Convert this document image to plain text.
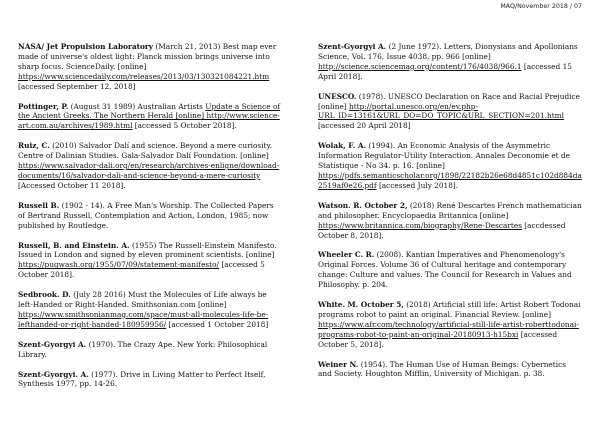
MAQ/November 2018 / 07

NASA/ Jet Propulsion Laboratory (March 21, 2013) Best map ever made of universe's oldest light: Planck mission brings universe into sharp focus. ScienceDaily. [online] https://www.sciencedaily.com/releases/2013/03/130321084221.htm [accessed September 12, 2018]

Pottinger, P. (August 31 1989) Australian Artists Update a Science of the Ancient Greeks. The Northern Herald [online] http://www.science-art.com.au/archives/1989.html [accessed 5 October 2018].

Ruiz, C. (2010) Salvador Dalí and science. Beyond a mere curiosity. Centre of Dalinian Studies. Gala-Salvador Dalí Foundation. [online] https://www.salvador-dali.org/en/research/archives-enligne/download-documents/16/salvador-dali-and-science-beyond-a-mere-curiosity [Accessed October 11 2018].

Russell B. (1902 - 14). A Free Man's Worship. The Collected Papers of Bertrand Russell, Contemplation and Action, London, 1985; now published by Routledge.

Russell, B. and Einstein. A. (1955) The Russell-Einstein Manifesto. Issued in London and signed by eleven prominent scientists. [online] https://pugwash.org/1955/07/09/statement-manifesto/ [accessed 5 October 2018].

Sedbrook. D. (July 28 2016) Must the Molecules of Life always be left-Handed or Right-Handed. Smithsonian.com [online] https://www.smithsonianmag.com/space/must-all-molecules-life-be-lefthanded-or-right-handed-180959956/ [accessed 1 October 2018]

Szent-Gyorgyi A. (1970). The Crazy Ape. New York: Philosophical Library.

Szent-Gyorgyi. A. (1977). Drive in Living Matter to Perfect Itself, Synthesis 1977, pp. 14-26.

Szent-Gyorgyi A. (2 June 1972). Letters, Dionysians and Apollonians Science, Vol. 176, Issue 4038, pp. 966 [online] http://science.sciencemag.org/content/176/4038/966.1 [accessed 15 April 2018].

UNESCO. (1978). UNESCO Declaration on Race and Racial Prejudice [online] http://portal.unesco.org/en/ev.php-URL_ID=13161&URL_DO=DO_TOPIC&URL_SECTION=201.html [accessed 20 April 2018]

Wolak, F. A. (1994). An Economic Analysis of the Asymmetric Information Regulator-Utility Interaction. Annales Deconomie et de Statistique - No 34. p. 16. [online] https://pdfs.semanticscholar.org/1898/22182b26e68d4851c102d884da2519af0e26.pdf [accessed July 2018].

Watson. R. October 2, (2018) René Descartes French mathematician and philosopher. Encyclopaedia Britannica [online] https://www.britannica.com/biography/Rene-Descartes [accdessed October 8, 2018].

Wheeler C. R. (2008). Kantian Imperatives and Phenomenology's Original Forces. Volume 36 of Cultural heritage and contemporary change: Culture and values. The Council for Research in Values and Philosophy. p. 204.

White. M. October 5, (2018) Artificial still life: Artist Robert Todonai programs robot to paint an original. Financial Review. [online] https://www.afr.com/technology/artificial-still-life-artist-roberttodonai-programs-robot-to-paint-an-original-20180913-h15bxi [accessed October 5, 2018].

Weiner N. (1954). The Human Use of Human Beings: Cybernetics and Society. Houghton Mifflin, University of Michigan. p. 38.
